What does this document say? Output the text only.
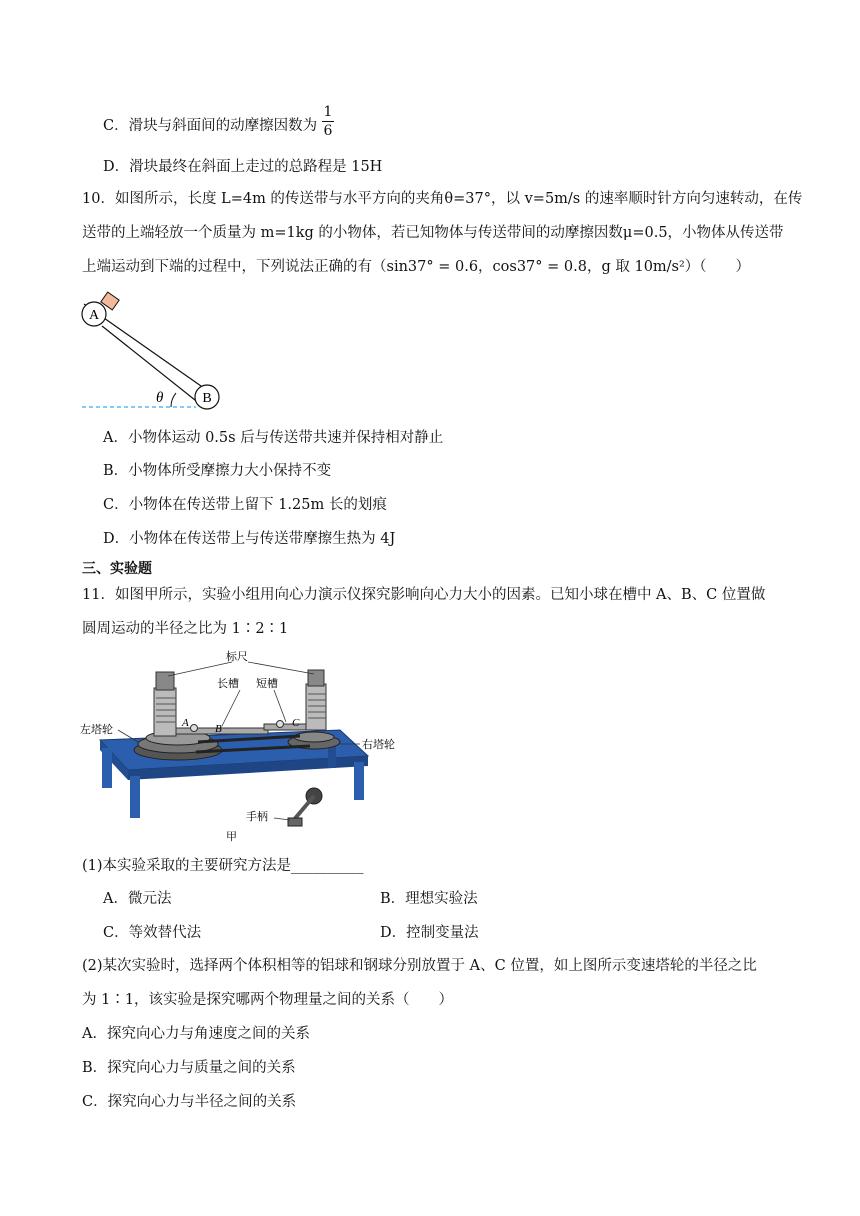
C．滑块与斜面间的动摩擦因数为
1
6
D．滑块最终在斜面上走过的总路程是 15H
10．如图所示，长度 L=4m 的传送带与水平方向的夹角θ=37°，以 v=5m/s 的速率顺时针方向匀速转动，在传
送带的上端轻放一个质量为 m=1kg 的小物体，若已知物体与传送带间的动摩擦因数μ=0.5，小物体从传送带
上端运动到下端的过程中，下列说法正确的有（sin37° = 0.6，cos37° = 0.8，g 取 10m/s²）（　　）
A
B
θ
A．小物体运动 0.5s 后与传送带共速并保持相对静止
B．小物体所受摩擦力大小保持不变
C．小物体在传送带上留下 1.25m 长的划痕
D．小物体在传送带上与传送带摩擦生热为 4J
三、实验题
11．如图甲所示，实验小组用向心力演示仪探究影响向心力大小的因素。已知小球在槽中 A、B、C 位置做
圆周运动的半径之比为 1∶2∶1
A B	C
标尺
长槽 短槽
左塔轮
右塔轮
手柄
甲
(1)本实验采取的主要研究方法是__________
A．微元法	B．理想实验法
C．等效替代法	D．控制变量法
(2)某次实验时，选择两个体积相等的铝球和钢球分别放置于 A、C 位置，如上图所示变速塔轮的半径之比
为 1∶1，该实验是探究哪两个物理量之间的关系（　　）
A．探究向心力与角速度之间的关系
B．探究向心力与质量之间的关系
C．探究向心力与半径之间的关系
